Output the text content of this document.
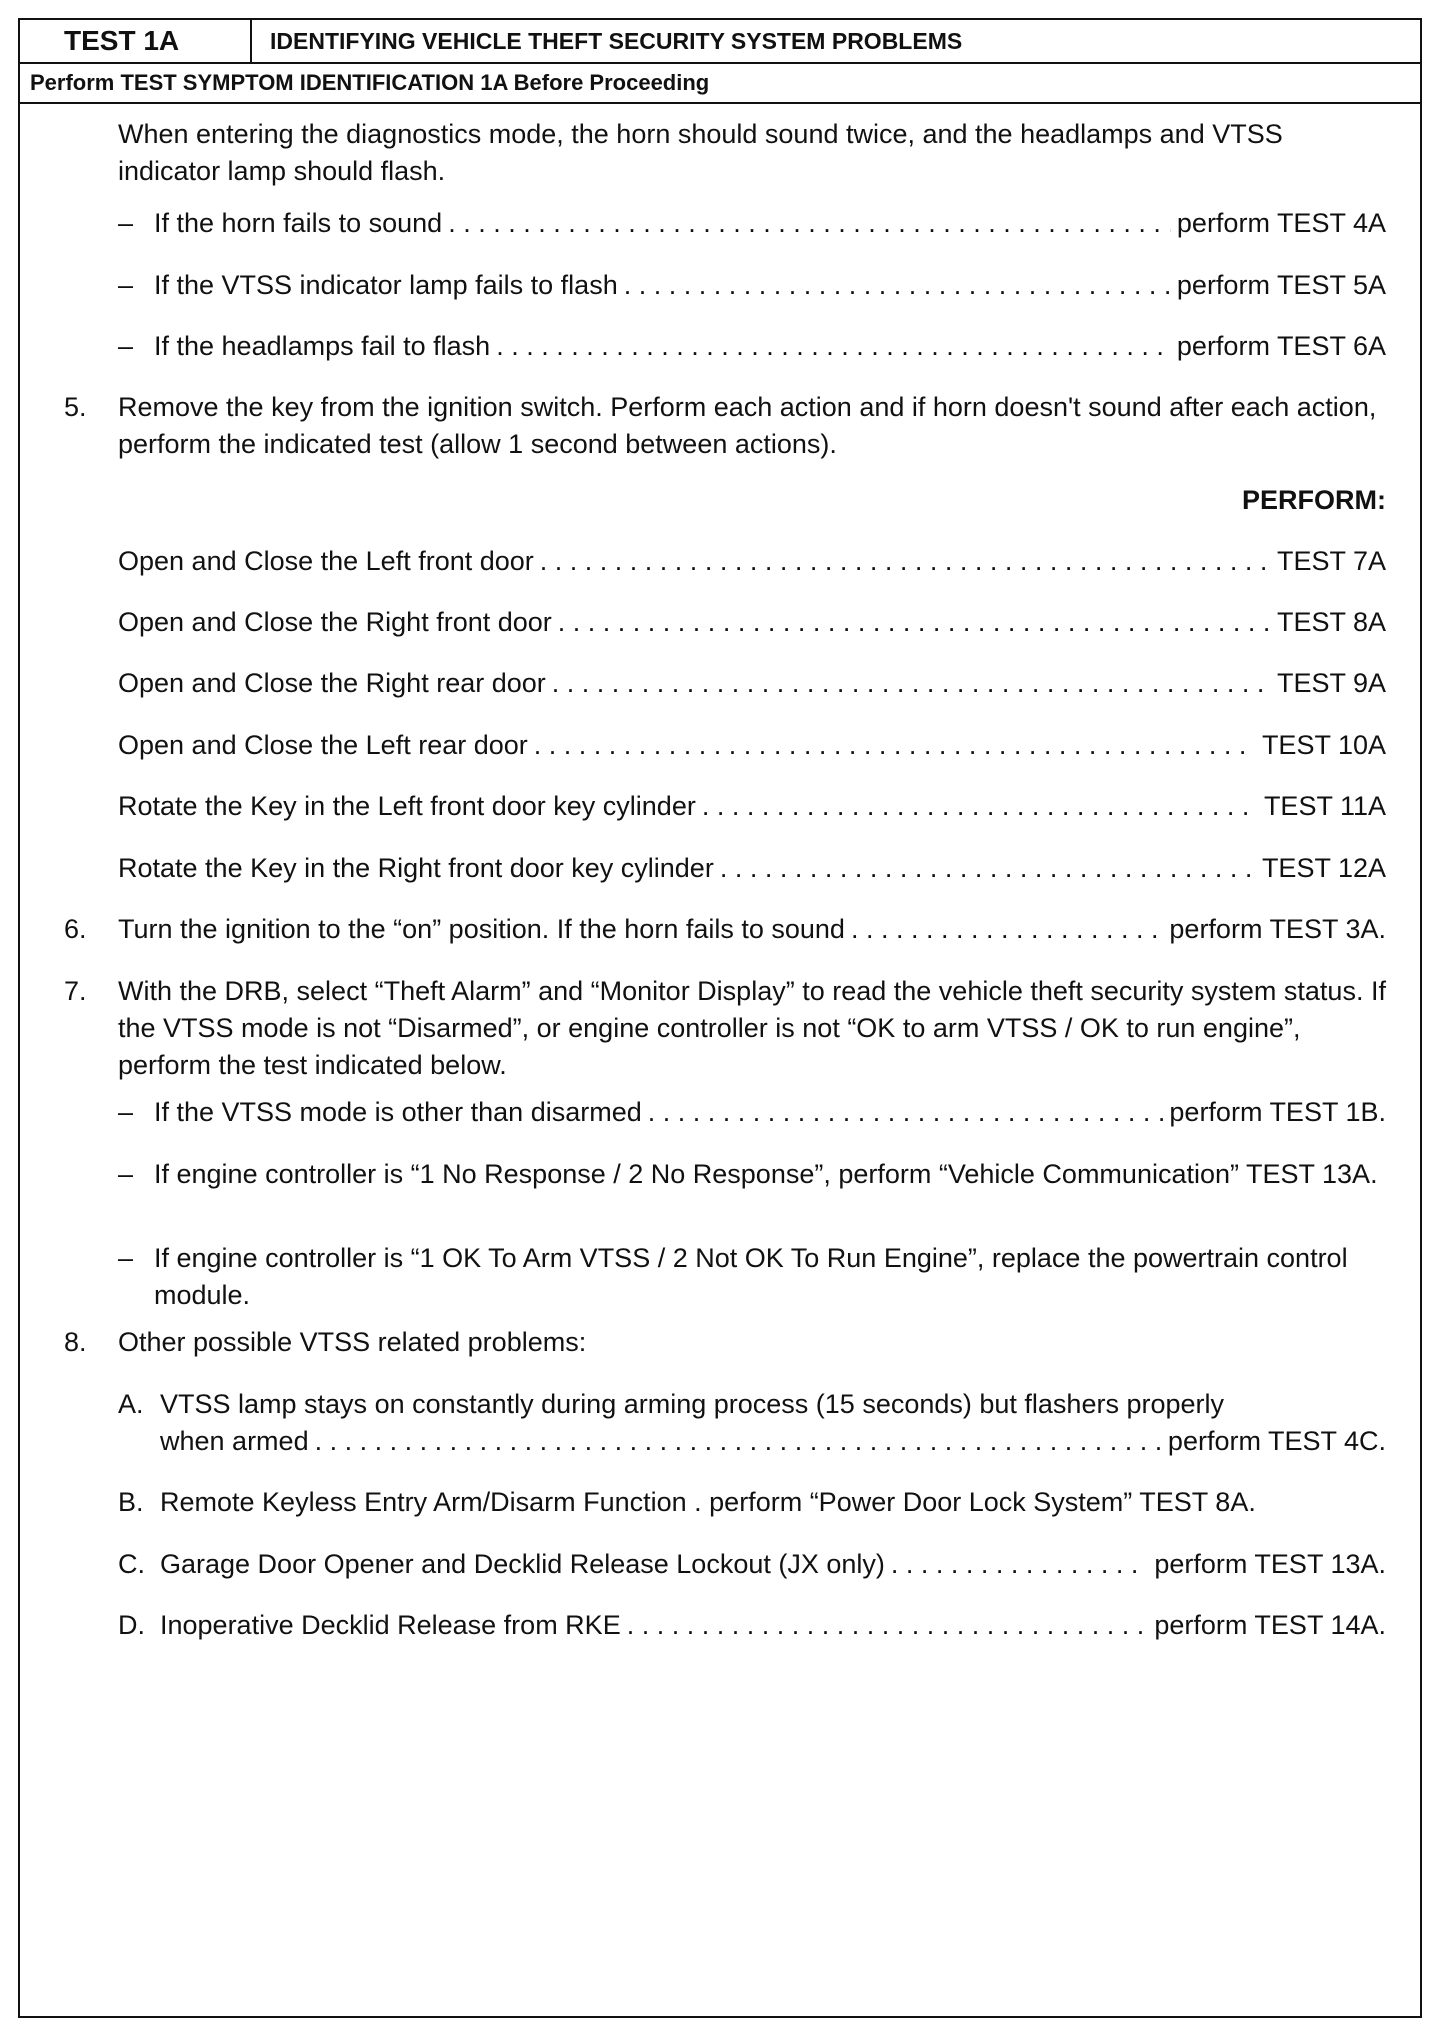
TEST 1A	IDENTIFYING VEHICLE THEFT SECURITY SYSTEM PROBLEMS
Perform TEST SYMPTOM IDENTIFICATION 1A Before Proceeding
When entering the diagnostics mode, the horn should sound twice, and the headlamps and VTSS indicator lamp should flash.
– If the horn fails to sound . . .	perform TEST 4A
– If the VTSS indicator lamp fails to flash . . .	perform TEST 5A
– If the headlamps fail to flash . . .	perform TEST 6A
5. Remove the key from the ignition switch. Perform each action and if horn doesn't sound after each action, perform the indicated test (allow 1 second between actions).
PERFORM:
Open and Close the Left front door . . .	TEST 7A
Open and Close the Right front door . . .	TEST 8A
Open and Close the Right rear door . . .	TEST 9A
Open and Close the Left rear door . . .	TEST 10A
Rotate the Key in the Left front door key cylinder . . .	TEST 11A
Rotate the Key in the Right front door key cylinder . . .	TEST 12A
6. Turn the ignition to the “on” position. If the horn fails to sound . . .	perform TEST 3A.
7. With the DRB, select “Theft Alarm” and “Monitor Display” to read the vehicle theft security system status. If the VTSS mode is not “Disarmed”, or engine controller is not “OK to arm VTSS / OK to run engine”, perform the test indicated below.
– If the VTSS mode is other than disarmed . . .	perform TEST 1B.
– If engine controller is “1 No Response / 2 No Response”, perform “Vehicle Communication” TEST 13A.
– If engine controller is “1 OK To Arm VTSS / 2 Not OK To Run Engine”, replace the powertrain control module.
8. Other possible VTSS related problems:
A. VTSS lamp stays on constantly during arming process (15 seconds) but flashers properly
when armed . . .	perform TEST 4C.
B. Remote Keyless Entry Arm/Disarm Function . perform “Power Door Lock System” TEST 8A.
C. Garage Door Opener and Decklid Release Lockout (JX only) . . .	perform TEST 13A.
D. Inoperative Decklid Release from RKE . . .	perform TEST 14A.
